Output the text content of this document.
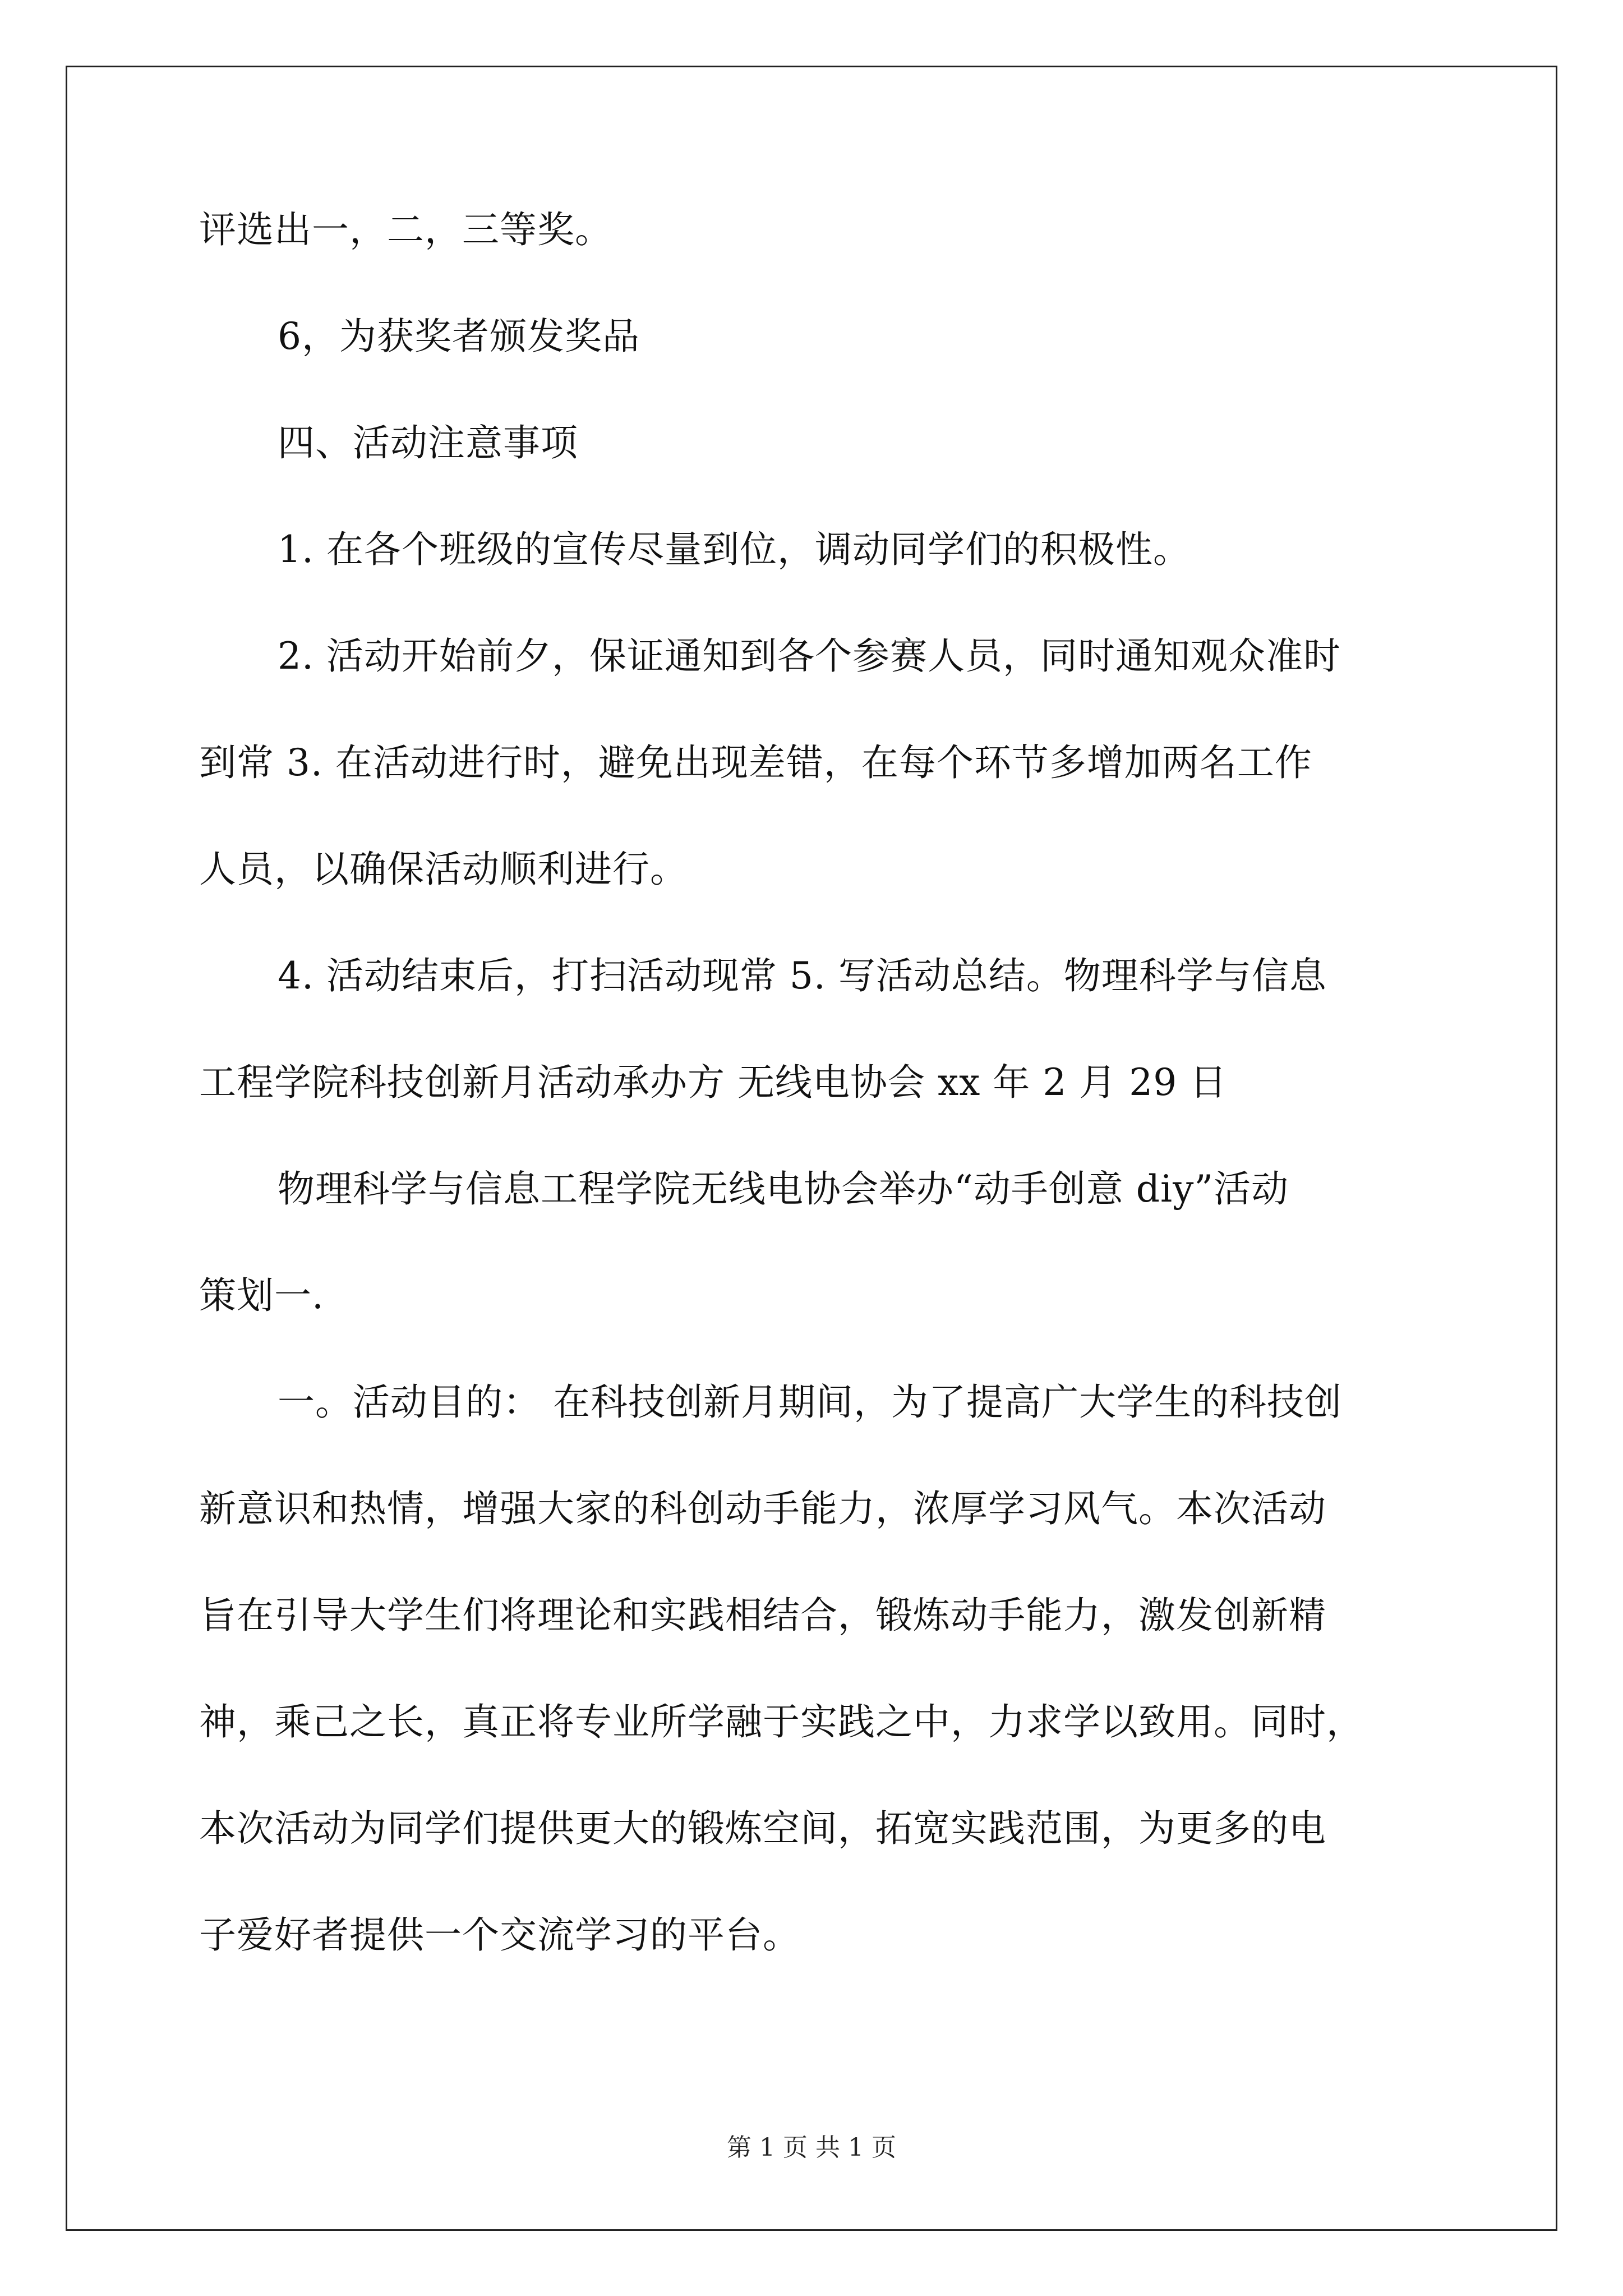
评选出一，二，三等奖。
6，为获奖者颁发奖品
四、活动注意事项
1. 在各个班级的宣传尽量到位，调动同学们的积极性。
2. 活动开始前夕，保证通知到各个参赛人员，同时通知观众准时
到常 3. 在活动进行时，避免出现差错，在每个环节多增加两名工作
人员，以确保活动顺利进行。
4. 活动结束后，打扫活动现常 5. 写活动总结。物理科学与信息
工程学院科技创新月活动承办方 无线电协会 xx 年 2 月 29 日
物理科学与信息工程学院无线电协会举办“动手创意 diy”活动
策划一.
一。活动目的： 在科技创新月期间，为了提高广大学生的科技创
新意识和热情，增强大家的科创动手能力，浓厚学习风气。本次活动
旨在引导大学生们将理论和实践相结合，锻炼动手能力，激发创新精
神，乘己之长，真正将专业所学融于实践之中，力求学以致用。同时，
本次活动为同学们提供更大的锻炼空间，拓宽实践范围，为更多的电
子爱好者提供一个交流学习的平台。
第 1 页 共 1 页
